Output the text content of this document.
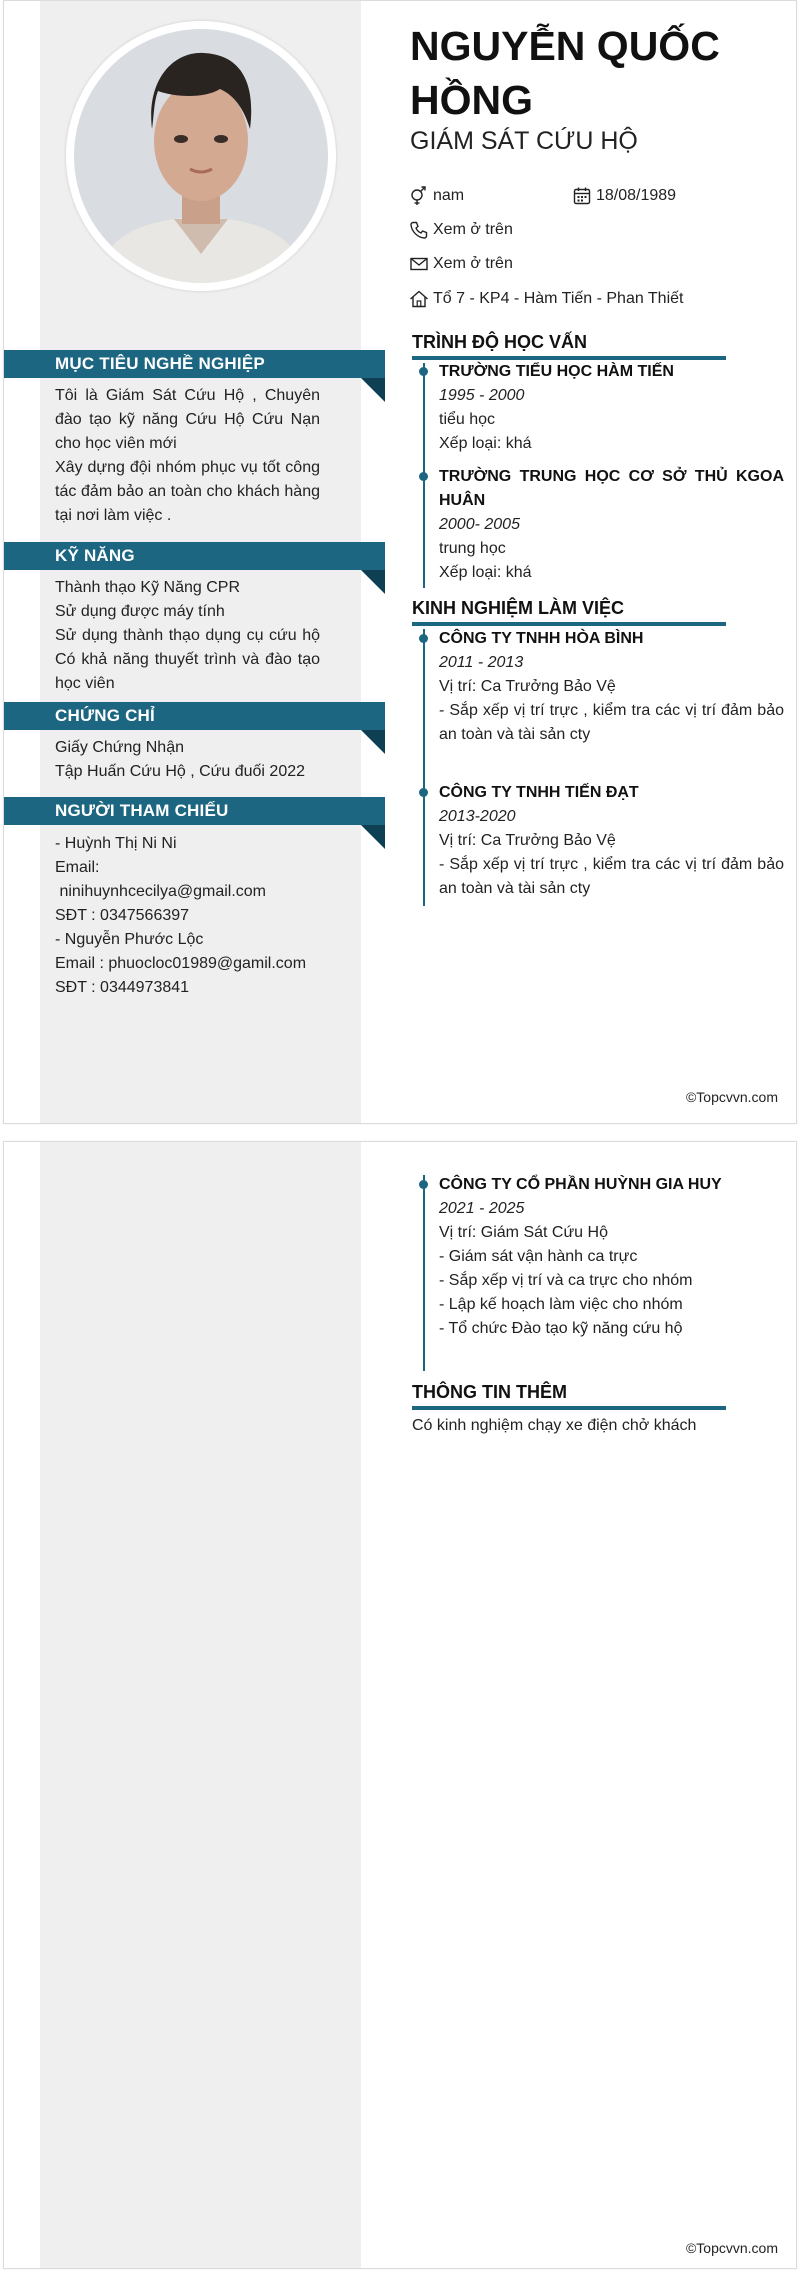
NGUYỄN QUỐC HỒNG
GIÁM SÁT CỨU HỘ
nam	18/08/1989
Xem ở trên
Xem ở trên
Tổ 7 - KP4 - Hàm Tiến - Phan Thiết
MỤC TIÊU NGHỀ NGHIỆP
Tôi là Giám Sát Cứu Hộ , Chuyên đào tạo kỹ năng Cứu Hộ Cứu Nạn cho học viên mới
Xây dựng đội nhóm phục vụ tốt công tác đảm bảo an toàn cho khách hàng tại nơi làm việc .
KỸ NĂNG
Thành thạo Kỹ Năng CPR
Sử dụng được máy tính
Sử dụng thành thạo dụng cụ cứu hộ Có khả năng thuyết trình và đào tạo học viên
CHỨNG CHỈ
Giấy Chứng Nhận
Tập Huấn Cứu Hộ , Cứu đuối 2022
NGƯỜI THAM CHIẾU
- Huỳnh Thị Ni Ni
Email:
ninihuynhcecilya@gmail.com
SĐT : 0347566397
- Nguyễn Phước Lộc
Email : phuocloc01989@gamil.com
SĐT : 0344973841
TRÌNH ĐỘ HỌC VẤN
TRƯỜNG TIỂU HỌC HÀM TIẾN
1995 - 2000
tiểu học
Xếp loại: khá
TRƯỜNG TRUNG HỌC CƠ SỞ THỦ KGOA HUÂN
2000- 2005
trung học
Xếp loại: khá
KINH NGHIỆM LÀM VIỆC
CÔNG TY TNHH HÒA BÌNH
2011 - 2013
Vị trí: Ca Trưởng Bảo Vệ
- Sắp xếp vị trí trực , kiểm tra các vị trí đảm bảo an toàn và tài sản cty
CÔNG TY TNHH TIẾN ĐẠT
2013-2020
Vị trí: Ca Trưởng Bảo Vệ
- Sắp xếp vị trí trực , kiểm tra các vị trí đảm bảo an toàn và tài sản cty
©Topcvvn.com
CÔNG TY CỔ PHẦN HUỲNH GIA HUY
2021 - 2025
Vị trí: Giám Sát Cứu Hộ
- Giám sát vận hành ca trực
- Sắp xếp vị trí và ca trực cho nhóm
- Lập kế hoạch làm việc cho nhóm
- Tổ chức Đào tạo kỹ năng cứu hộ
THÔNG TIN THÊM
Có kinh nghiệm chạy xe điện chở khách
©Topcvvn.com
